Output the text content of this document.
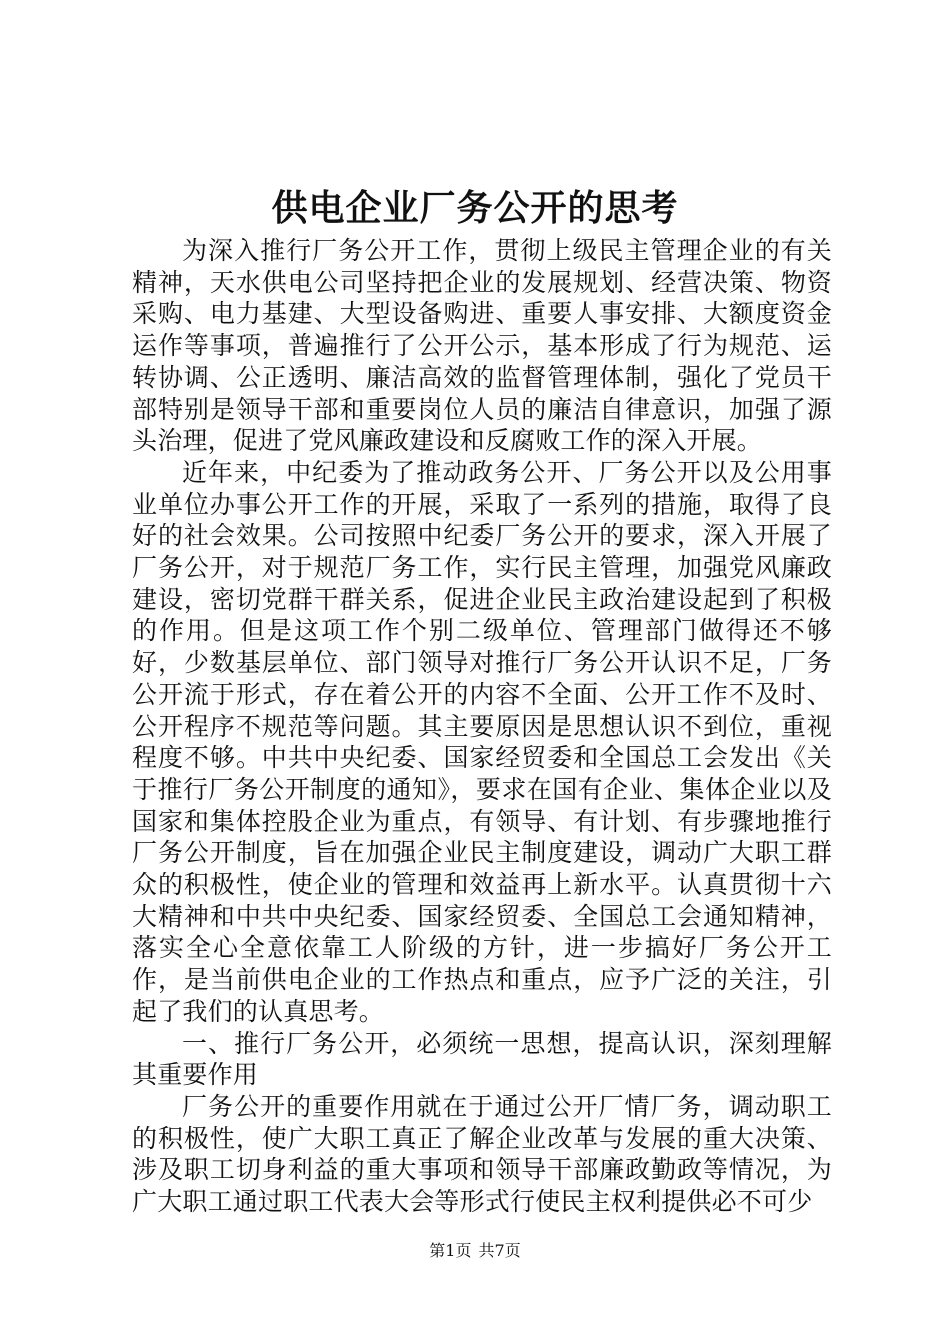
供电企业厂务公开的思考

为深入推行厂务公开工作，贯彻上级民主管理企业的有关精神，天水供电公司坚持把企业的发展规划、经营决策、物资采购、电力基建、大型设备购进、重要人事安排、大额度资金运作等事项，普遍推行了公开公示，基本形成了行为规范、运转协调、公正透明、廉洁高效的监督管理体制，强化了党员干部特别是领导干部和重要岗位人员的廉洁自律意识，加强了源头治理，促进了党风廉政建设和反腐败工作的深入开展。

近年来，中纪委为了推动政务公开、厂务公开以及公用事业单位办事公开工作的开展，采取了一系列的措施，取得了良好的社会效果。公司按照中纪委厂务公开的要求，深入开展了厂务公开，对于规范厂务工作，实行民主管理，加强党风廉政建设，密切党群干群关系，促进企业民主政治建设起到了积极的作用。但是这项工作个别二级单位、管理部门做得还不够好，少数基层单位、部门领导对推行厂务公开认识不足，厂务公开流于形式，存在着公开的内容不全面、公开工作不及时、公开程序不规范等问题。其主要原因是思想认识不到位，重视程度不够。中共中央纪委、国家经贸委和全国总工会发出《关于推行厂务公开制度的通知》，要求在国有企业、集体企业以及国家和集体控股企业为重点，有领导、有计划、有步骤地推行厂务公开制度，旨在加强企业民主制度建设，调动广大职工群众的积极性，使企业的管理和效益再上新水平。认真贯彻十六大精神和中共中央纪委、国家经贸委、全国总工会通知精神，落实全心全意依靠工人阶级的方针，进一步搞好厂务公开工作，是当前供电企业的工作热点和重点，应予广泛的关注，引起了我们的认真思考。

一、推行厂务公开，必须统一思想，提高认识，深刻理解其重要作用

厂务公开的重要作用就在于通过公开厂情厂务，调动职工的积极性，使广大职工真正了解企业改革与发展的重大决策、涉及职工切身利益的重大事项和领导干部廉政勤政等情况，为广大职工通过职工代表大会等形式行使民主权利提供必不可少

第1页 共7页
